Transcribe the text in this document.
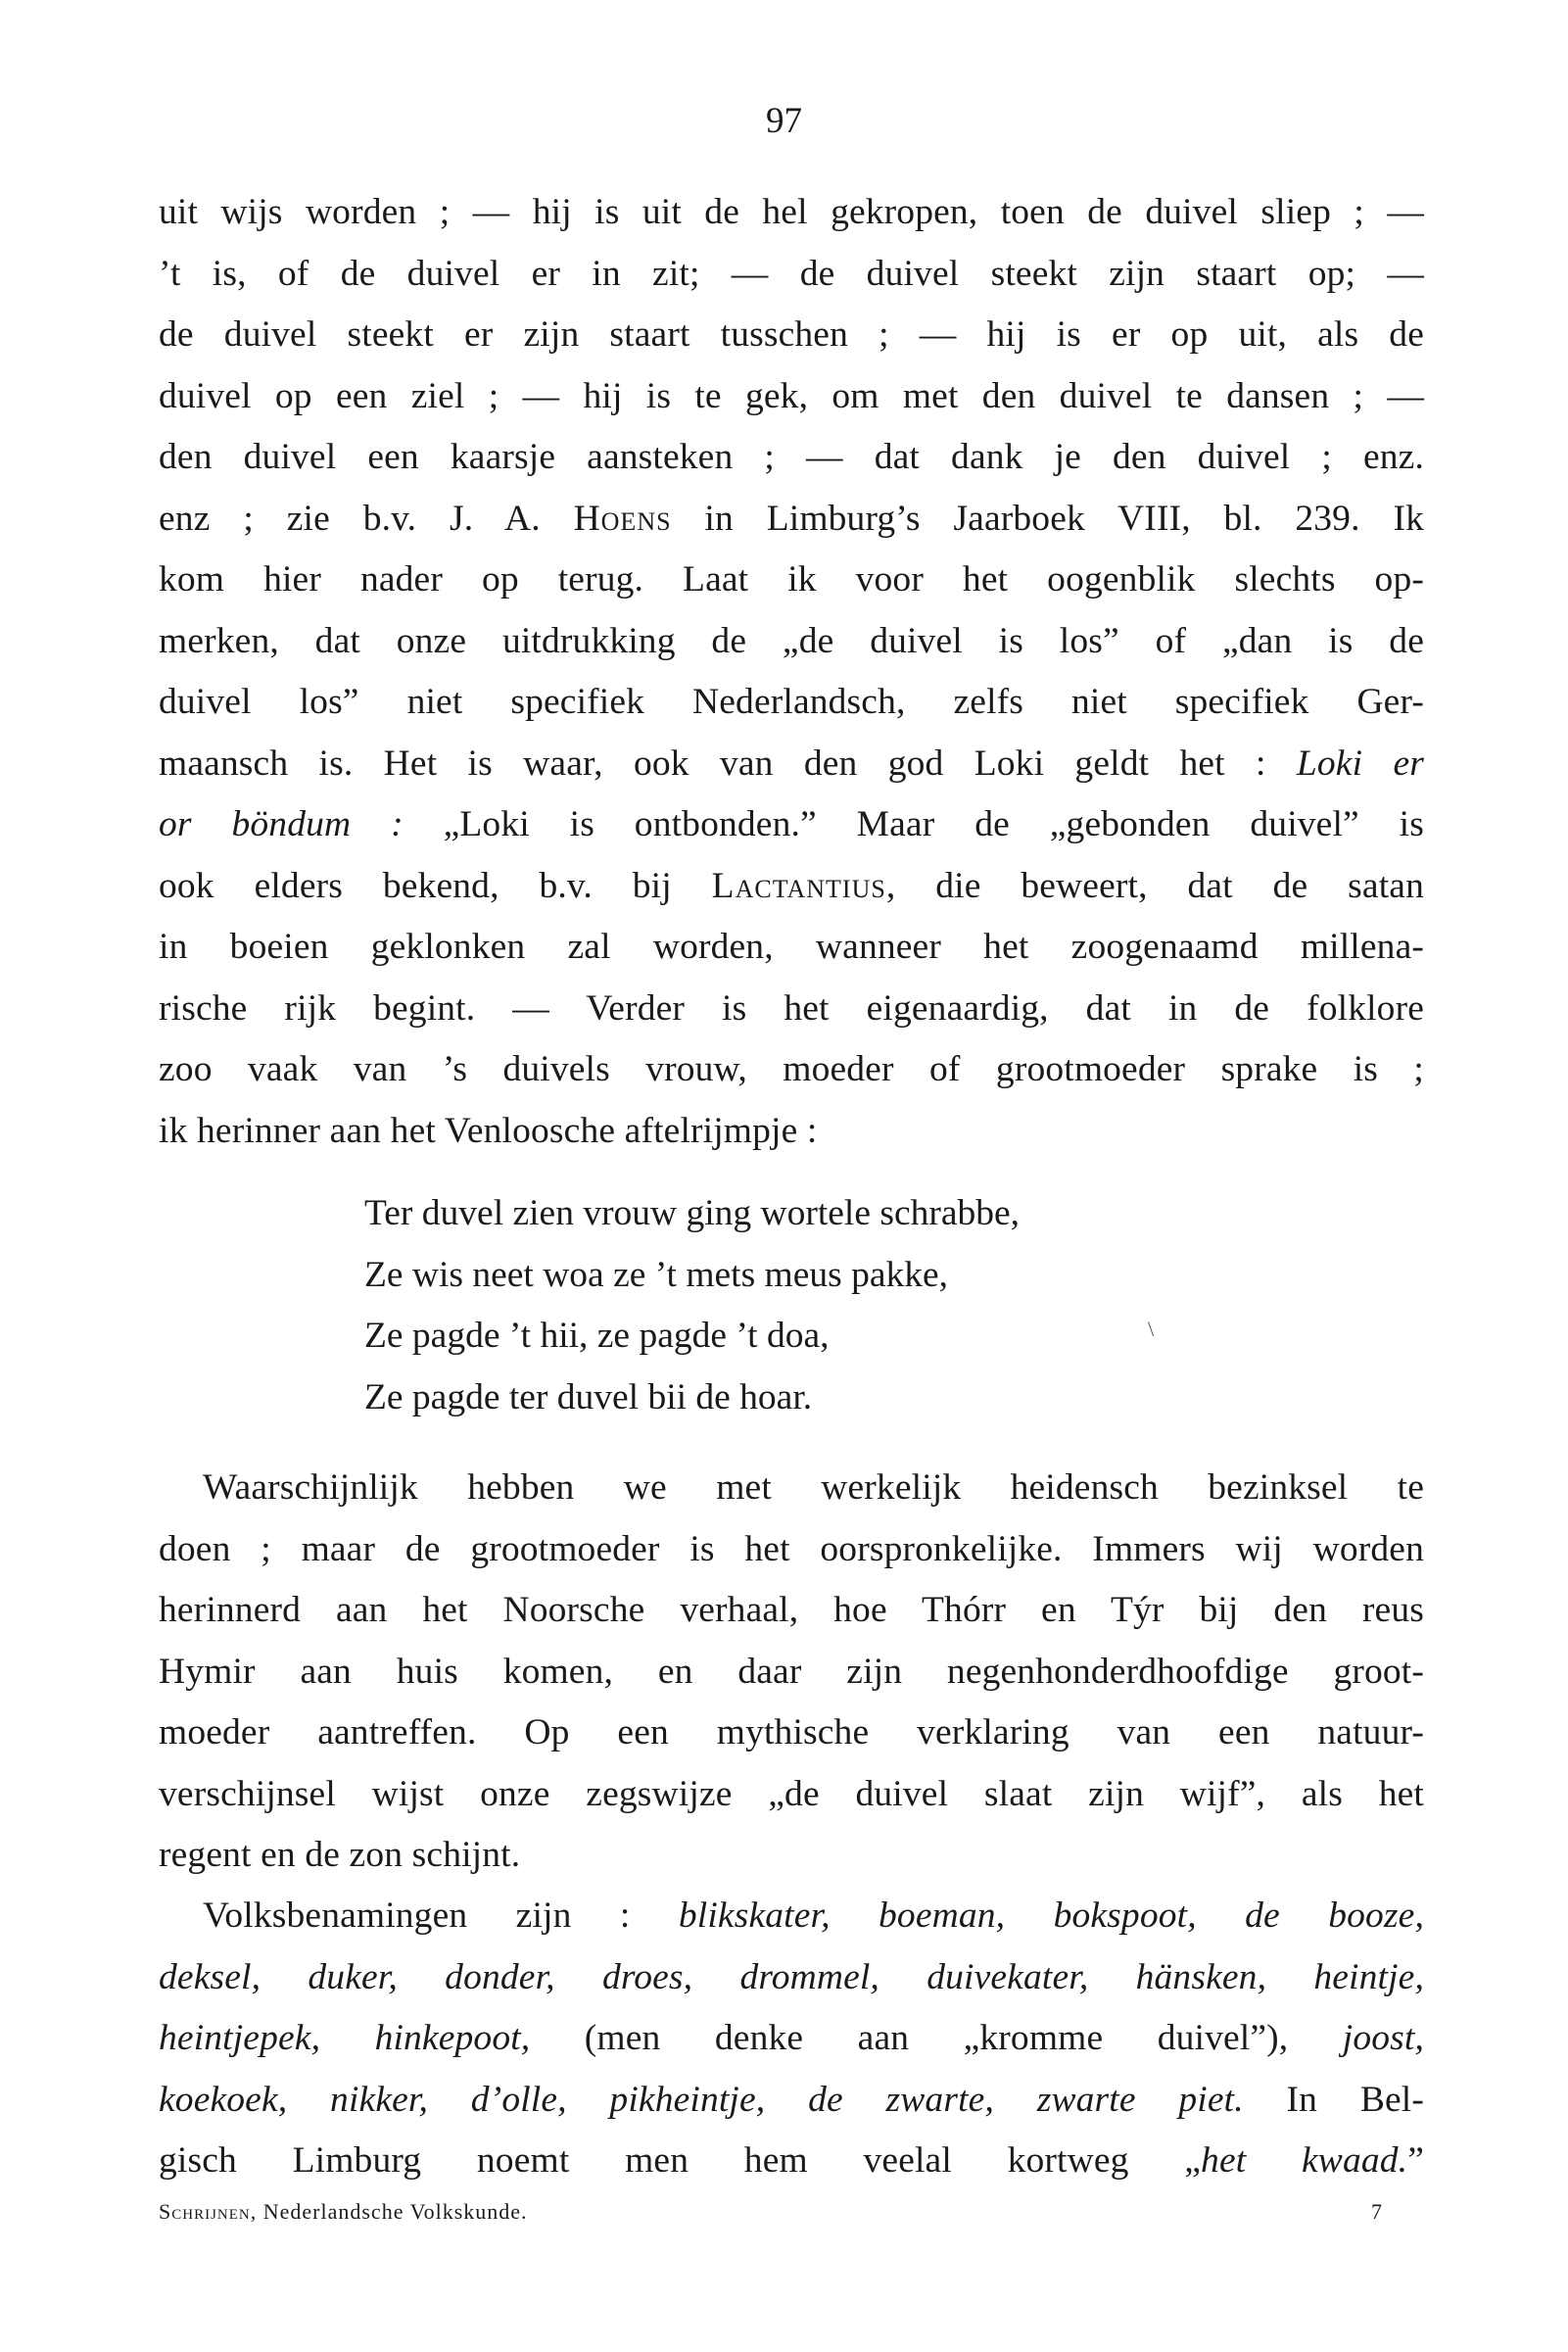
97
uit wijs worden ; — hij is uit de hel gekropen, toen de duivel sliep ; —
’t is, of de duivel er in zit; — de duivel steekt zijn staart op; —
de duivel steekt er zijn staart tusschen ; — hij is er op uit, als de
duivel op een ziel ; — hij is te gek, om met den duivel te dansen ; —
den duivel een kaarsje aansteken ; — dat dank je den duivel ; enz.
enz ; zie b.v. J. A. Hoens in Limburg’s Jaarboek VIII, bl. 239. Ik
kom hier nader op terug. Laat ik voor het oogenblik slechts op-
merken, dat onze uitdrukking de „de duivel is los” of „dan is de
duivel los” niet specifiek Nederlandsch, zelfs niet specifiek Ger-
maansch is. Het is waar, ook van den god Loki geldt het : Loki er
or böndum : „Loki is ontbonden.” Maar de „gebonden duivel” is
ook elders bekend, b.v. bij Lactantius, die beweert, dat de satan
in boeien geklonken zal worden, wanneer het zoogenaamd millena-
rische rijk begint. — Verder is het eigenaardig, dat in de folklore
zoo vaak van ’s duivels vrouw, moeder of grootmoeder sprake is ;
ik herinner aan het Venloosche aftelrijmpje :
Ter duvel zien vrouw ging wortele schrabbe,
Ze wis neet woa ze ’t mets meus pakke,
Ze pagde ’t hii, ze pagde ’t doa,
Ze pagde ter duvel bii de hoar.
\
Waarschijnlijk hebben we met werkelijk heidensch bezinksel te
doen ; maar de grootmoeder is het oorspronkelijke. Immers wij worden
herinnerd aan het Noorsche verhaal, hoe Thórr en Týr bij den reus
Hymir aan huis komen, en daar zijn negenhonderdhoofdige groot-
moeder aantreffen. Op een mythische verklaring van een natuur-
verschijnsel wijst onze zegswijze „de duivel slaat zijn wijf”, als het
regent en de zon schijnt.
Volksbenamingen zijn : blikskater, boeman, bokspoot, de booze,
deksel, duker, donder, droes, drommel, duivekater, hänsken, heintje,
heintjepek, hinkepoot, (men denke aan „kromme duivel”), joost,
koekoek, nikker, d’olle, pikheintje, de zwarte, zwarte piet. In Bel-
gisch Limburg noemt men hem veelal kortweg „het kwaad.”
Schrijnen, Nederlandsche Volkskunde.	7
